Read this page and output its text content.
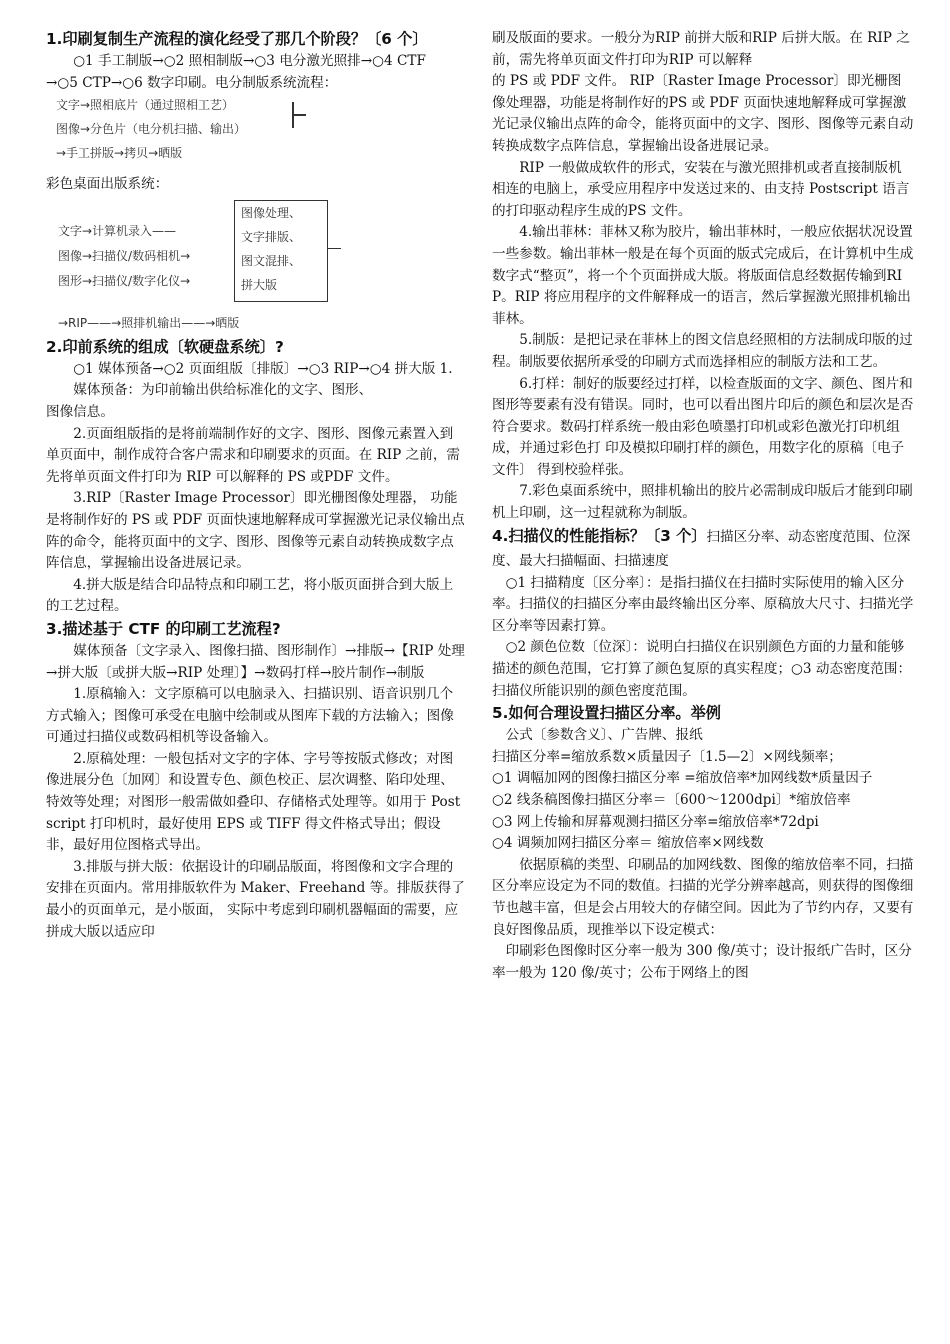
1.印刷复制生产流程的演化经受了那几个阶段？〔6 个〕

○1 手工制版→○2 照相制版→○3 电分激光照排→○4 CTF

→○5 CTP→○6 数字印刷。电分制版系统流程：

文字→照相底片（通过照相工艺）
图像→分色片（电分机扫描、输出）
→手工拼版→拷贝→晒版

彩色桌面出版系统：

文字→计算机录入——
图像→扫描仪/数码相机→
图形→扫描仪/数字化仪→
图像处理、
文字排版、
图文混排、
拼大版
→RIP——→照排机输出——→晒版
2.印前系统的组成〔软硬盘系统〕?

○1 媒体预备→○2 页面组版〔排版〕→○3 RIP→○4 拼大版 1.媒体预备：为印前输出供给标准化的文字、图形、

图像信息。

2.页面组版指的是将前端制作好的文字、图形、图像元素置入到单页面中，制作成符合客户需求和印刷要求的页面。在 RIP 之前，需先将单页面文件打印为 RIP 可以解释的 PS 或PDF 文件。

3.RIP〔Raster Image Processor〕即光栅图像处理器， 功能是将制作好的 PS 或 PDF 页面快速地解释成可掌握激光记录仪输出点阵的命令，能将页面中的文字、图形、图像等元素自动转换成数字点阵信息，掌握输出设备进展记录。

4.拼大版是结合印品特点和印刷工艺，将小版页面拼合到大版上的工艺过程。

3.描述基于 CTF 的印刷工艺流程?

媒体预备〔文字录入、图像扫描、图形制作〕→排版→【RIP 处理→拼大版〔或拼大版→RIP 处理〕】→数码打样→胶片制作→制版

1.原稿输入：文字原稿可以电脑录入、扫描识别、语音识别几个方式输入；图像可承受在电脑中绘制或从图库下载的方法输入；图像可通过扫描仪或数码相机等设备输入。

2.原稿处理：一般包括对文字的字体、字号等按版式修改；对图像进展分色〔加网〕和设置专色、颜色校正、层次调整、陷印处理、特效等处理；对图形一般需做如叠印、存储格式处理等。如用于 Postscript 打印机时，最好使用 EPS 或 TIFF 得文件格式导出；假设非，最好用位图格式导出。

3.排版与拼大版：依据设计的印刷品版面，将图像和文字合理的安排在页面内。常用排版软件为 Maker、Freehand 等。排版获得了最小的页面单元，是小版面， 实际中考虑到印刷机器幅面的需要，应拼成大版以适应印

刷及版面的要求。一般分为RIP 前拼大版和RIP 后拼大版。在 RIP 之前，需先将单页面文件打印为RIP 可以解释

的 PS 或 PDF 文件。 RIP〔Raster Image Processor〕即光栅图像处理器，功能是将制作好的PS 或 PDF 页面快速地解释成可掌握激光记录仪输出点阵的命令，能将页面中的文字、图形、图像等元素自动转换成数字点阵信息，掌握输出设备进展记录。

RIP 一般做成软件的形式，安装在与激光照排机或者直接制版机相连的电脑上，承受应用程序中发送过来的、由支持 Postscript 语言的打印驱动程序生成的PS 文件。

4.输出菲林：菲林又称为胶片，输出菲林时，一般应依据状况设置一些参数。输出菲林一般是在每个页面的版式完成后，在计算机中生成数字式“整页”，将一个个页面拼成大版。将版面信息经数据传输到RIP。RIP 将应用程序的文件解释成一的语言，然后掌握激光照排机输出菲林。

5.制版：是把记录在菲林上的图文信息经照相的方法制成印版的过程。制版要依据所承受的印刷方式而选择相应的制版方法和工艺。

6.打样：制好的版要经过打样，以检查版面的文字、颜色、图片和图形等要素有没有错误。同时，也可以看出图片印后的颜色和层次是否符合要求。数码打样系统一般由彩色喷墨打印机或彩色激光打印机组成，并通过彩色打 印及模拟印刷打样的颜色，用数字化的原稿〔电子文件〕 得到校验样张。

7.彩色桌面系统中，照排机输出的胶片必需制成印版后才能到印刷机上印刷，这一过程就称为制版。

4.扫描仪的性能指标？〔3 个〕扫描区分率、动态密度范围、位深度、最大扫描幅面、扫描速度

○1 扫描精度〔区分率〕：是指扫描仪在扫描时实际使用的输入区分率。扫描仪的扫描区分率由最终输出区分率、原稿放大尺寸、扫描光学区分率等因素打算。

○2 颜色位数〔位深〕：说明白扫描仪在识别颜色方面的力量和能够描述的颜色范围，它打算了颜色复原的真实程度；○3 动态密度范围：扫描仪所能识别的颜色密度范围。

5.如何合理设置扫描区分率。举例

公式〔参数含义〕、广告牌、报纸

扫描区分率=缩放系数×质量因子〔1.5—2〕×网线频率；

○1 调幅加网的图像扫描区分率 =缩放倍率*加网线数*质量因子

○2 线条稿图像扫描区分率＝〔600～1200dpi〕*缩放倍率

○3 网上传输和屏幕观测扫描区分率=缩放倍率*72dpi

○4 调频加网扫描区分率＝ 缩放倍率×网线数

依据原稿的类型、印刷品的加网线数、图像的缩放倍率不同，扫描区分率应设定为不同的数值。扫描的光学分辨率越高，则获得的图像细节也越丰富，但是会占用较大的存储空间。因此为了节约内存，又要有良好图像品质，现推举以下设定模式：

印刷彩色图像时区分率一般为 300 像/英寸；设计报纸广告时，区分率一般为 120 像/英寸；公布于网络上的图
